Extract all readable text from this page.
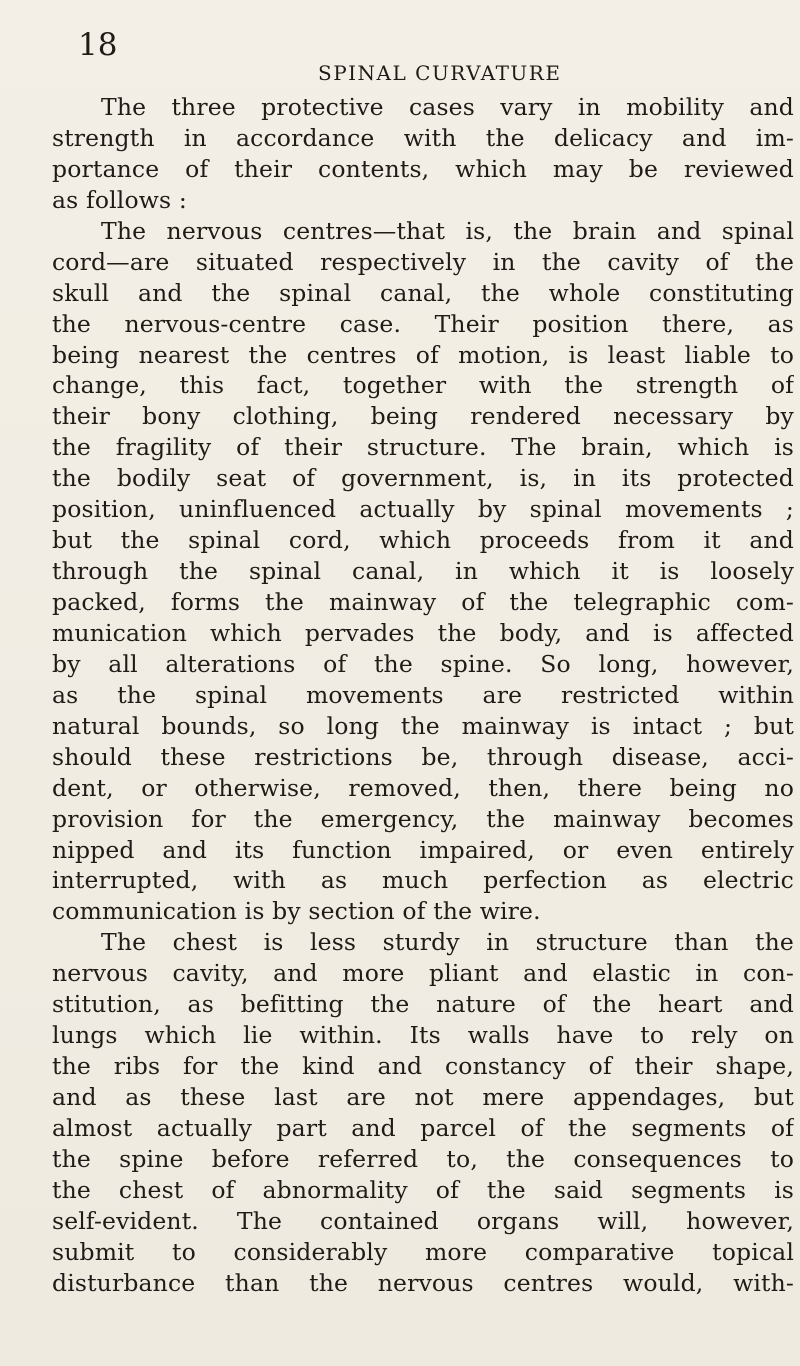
18
SPINAL CURVATURE
The three protective cases vary in mobility and
strength in accordance with the delicacy and im-
portance of their contents, which may be reviewed
as follows :
The nervous centres—that is, the brain and spinal
cord—are situated respectively in the cavity of the
skull and the spinal canal, the whole constituting
the nervous-centre case. Their position there, as
being nearest the centres of motion, is least liable to
change, this fact, together with the strength of
their bony clothing, being rendered necessary by
the fragility of their structure. The brain, which is
the bodily seat of government, is, in its protected
position, uninfluenced actually by spinal movements ;
but the spinal cord, which proceeds from it and
through the spinal canal, in which it is loosely
packed, forms the mainway of the telegraphic com-
munication which pervades the body, and is affected
by all alterations of the spine. So long, however,
as the spinal movements are restricted within
natural bounds, so long the mainway is intact ; but
should these restrictions be, through disease, acci-
dent, or otherwise, removed, then, there being no
provision for the emergency, the mainway becomes
nipped and its function impaired, or even entirely
interrupted, with as much perfection as electric
communication is by section of the wire.
The chest is less sturdy in structure than the
nervous cavity, and more pliant and elastic in con-
stitution, as befitting the nature of the heart and
lungs which lie within. Its walls have to rely on
the ribs for the kind and constancy of their shape,
and as these last are not mere appendages, but
almost actually part and parcel of the segments of
the spine before referred to, the consequences to
the chest of abnormality of the said segments is
self-evident. The contained organs will, however,
submit to considerably more comparative topical
disturbance than the nervous centres would, with-
